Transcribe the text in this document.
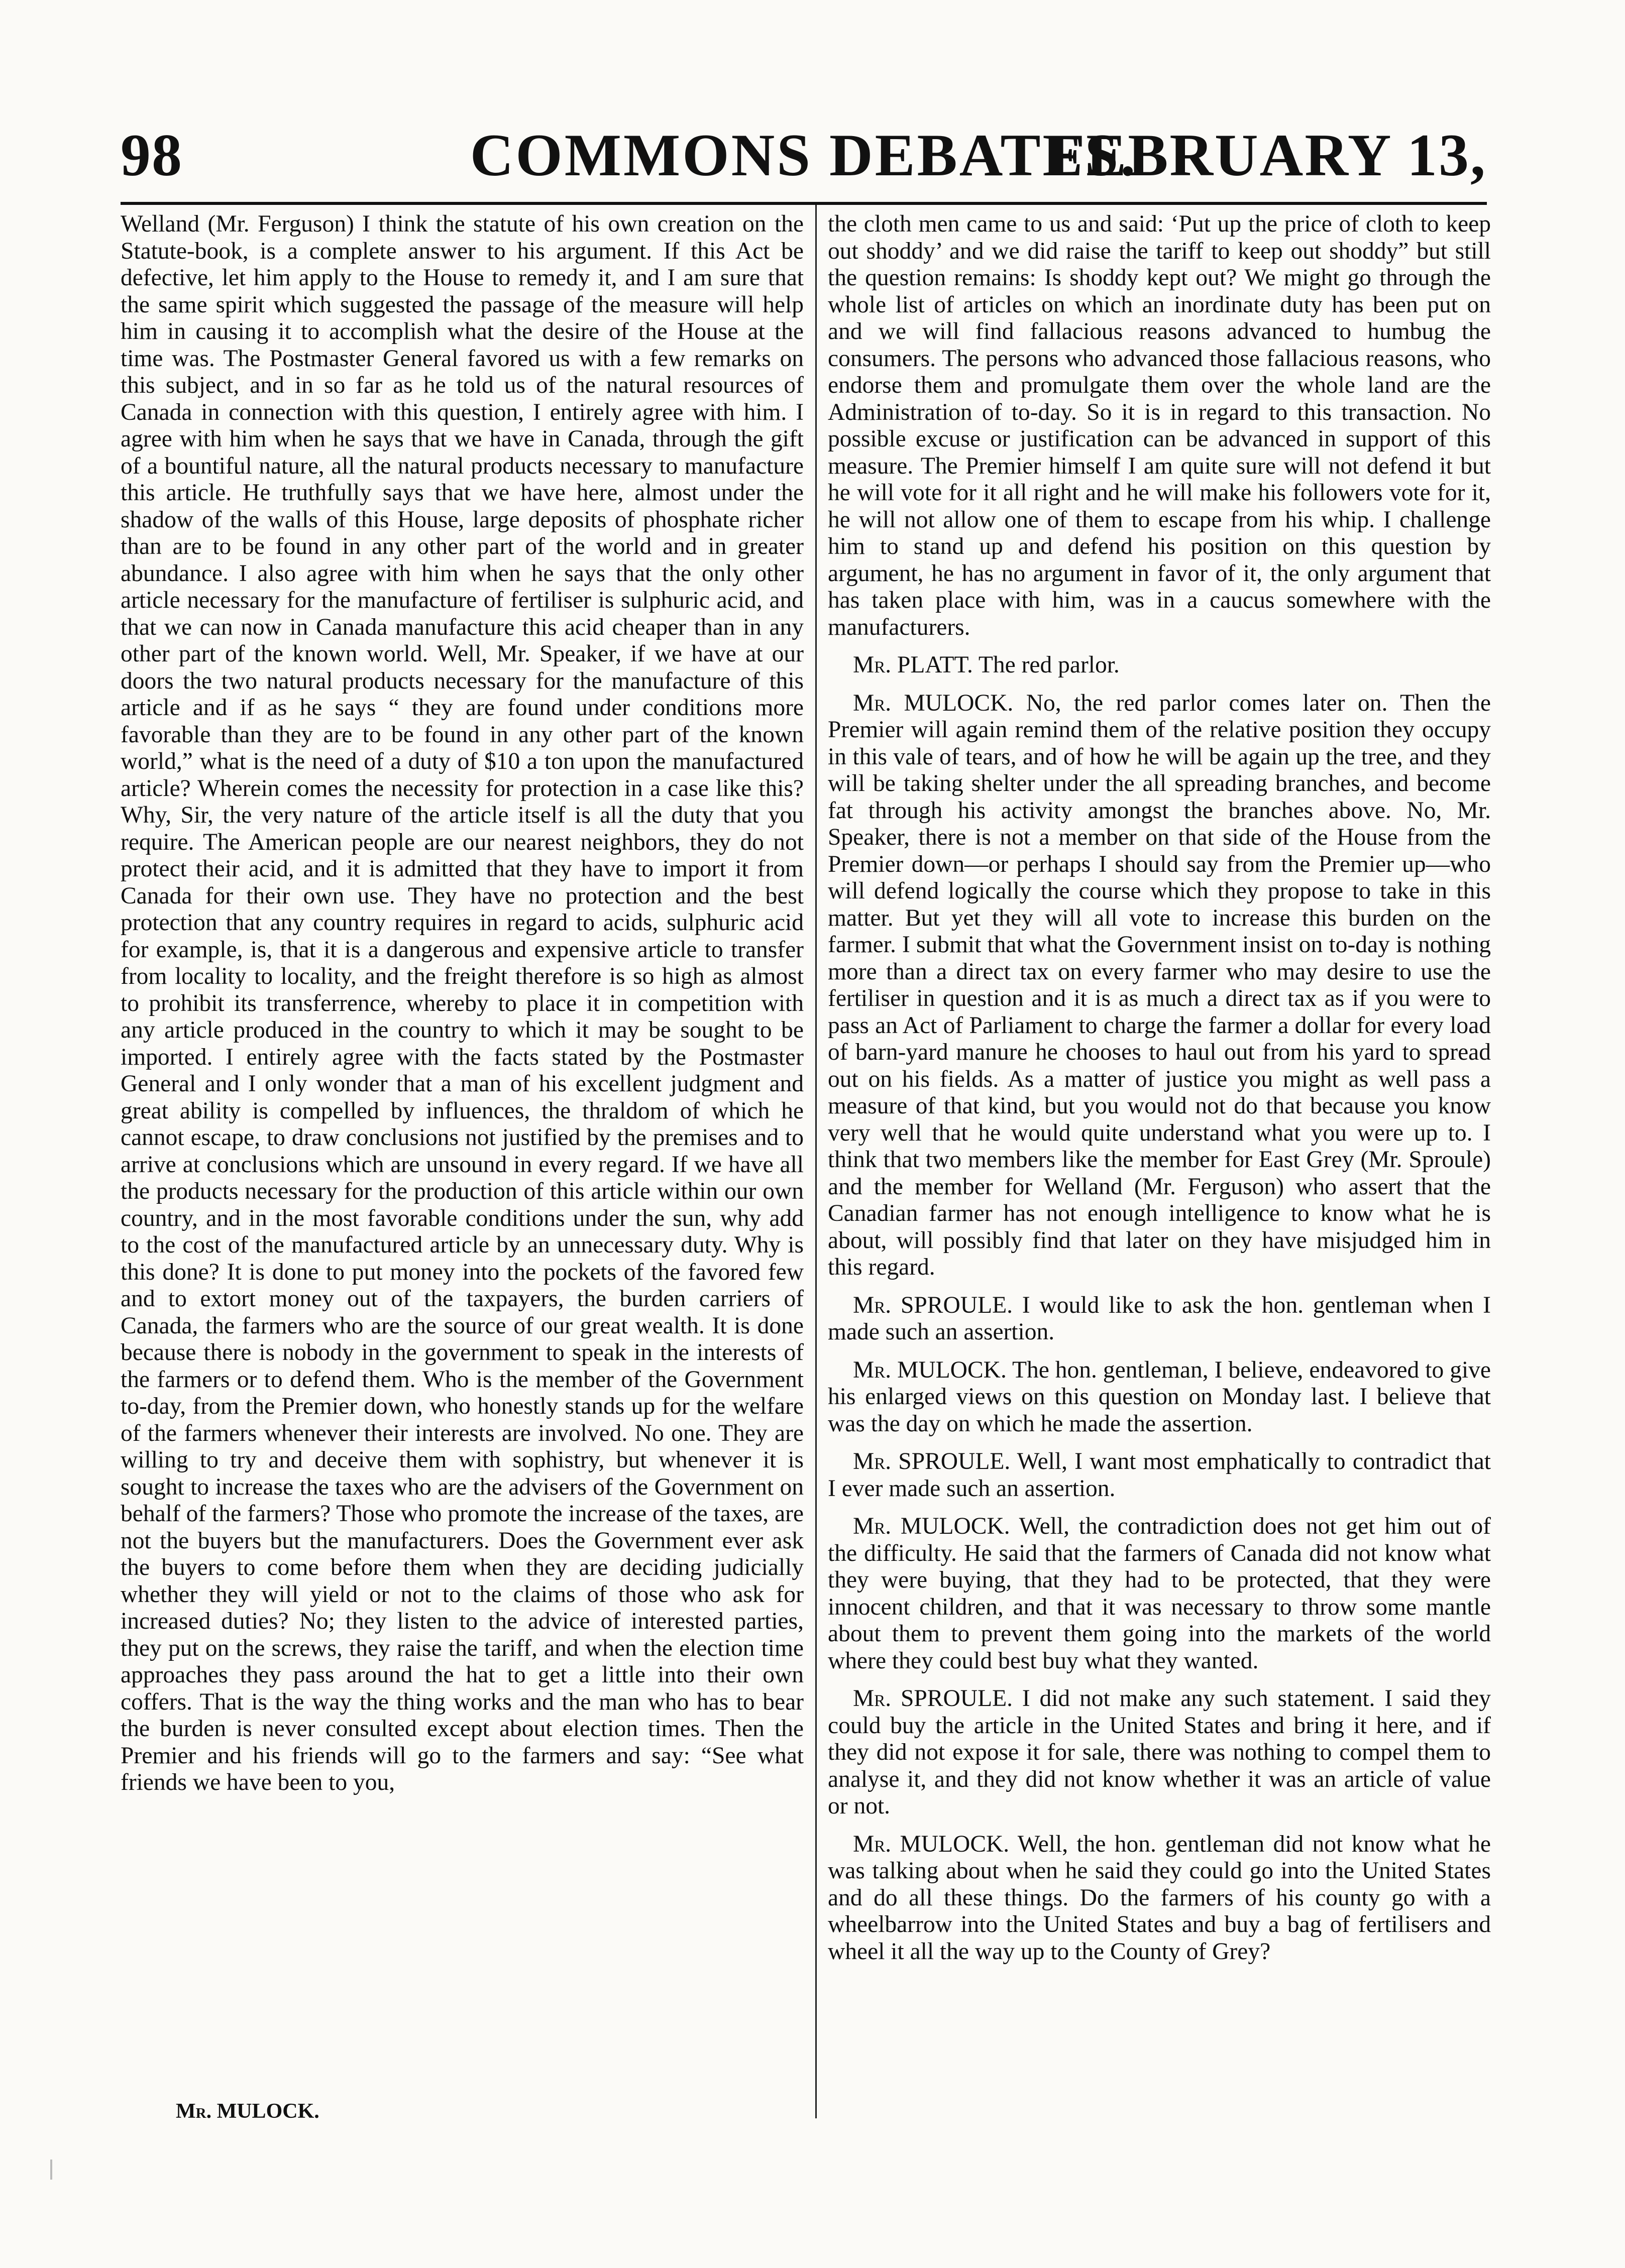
98	COMMONS DEBATES.
FEBRUARY 13,

Welland (Mr. Ferguson) I think the statute of his own creation on the Statute-book, is a complete answer to his argument. If this Act be defective, let him apply to the House to remedy it, and I am sure that the same spirit which suggested the passage of the measure will help him in causing it to accomplish what the desire of the House at the time was. The Postmaster General favored us with a few remarks on this subject, and in so far as he told us of the natural resources of Canada in connection with this question, I entirely agree with him. I agree with him when he says that we have in Canada, through the gift of a bountiful nature, all the natural products necessary to manufacture this article. He truthfully says that we have here, almost under the shadow of the walls of this House, large deposits of phosphate richer than are to be found in any other part of the world and in greater abundance. I also agree with him when he says that the only other article necessary for the manufacture of fertiliser is sulphuric acid, and that we can now in Canada manufacture this acid cheaper than in any other part of the known world. Well, Mr. Speaker, if we have at our doors the two natural products necessary for the manufacture of this article and if as he says “ they are found under conditions more favorable than they are to be found in any other part of the known world,” what is the need of a duty of $10 a ton upon the manufactured article? Wherein comes the necessity for protection in a case like this? Why, Sir, the very nature of the article itself is all the duty that you require. The American people are our nearest neighbors, they do not protect their acid, and it is admitted that they have to import it from Canada for their own use. They have no protection and the best protection that any country requires in regard to acids, sulphuric acid for example, is, that it is a dangerous and expensive article to transfer from locality to locality, and the freight therefore is so high as almost to prohibit its transferrence, whereby to place it in competition with any article produced in the country to which it may be sought to be imported. I entirely agree with the facts stated by the Postmaster General and I only wonder that a man of his excellent judgment and great ability is compelled by influences, the thraldom of which he cannot escape, to draw conclusions not justified by the premises and to arrive at conclusions which are unsound in every regard. If we have all the products necessary for the production of this article within our own country, and in the most favorable conditions under the sun, why add to the cost of the manufactured article by an unnecessary duty. Why is this done? It is done to put money into the pockets of the favored few and to extort money out of the taxpayers, the burden carriers of Canada, the farmers who are the source of our great wealth. It is done because there is nobody in the government to speak in the interests of the farmers or to defend them. Who is the member of the Government to-day, from the Premier down, who honestly stands up for the welfare of the farmers whenever their interests are involved. No one. They are willing to try and deceive them with sophistry, but whenever it is sought to increase the taxes who are the advisers of the Government on behalf of the farmers? Those who promote the increase of the taxes, are not the buyers but the manufacturers. Does the Government ever ask the buyers to come before them when they are deciding judicially whether they will yield or not to the claims of those who ask for increased duties? No; they listen to the advice of interested parties, they put on the screws, they raise the tariff, and when the election time approaches they pass around the hat to get a little into their own coffers. That is the way the thing works and the man who has to bear the burden is never consulted except about election times. Then the Premier and his friends will go to the farmers and say: “See what friends we have been to you,

the cloth men came to us and said: ‘Put up the price of cloth to keep out shoddy’ and we did raise the tariff to keep out shoddy” but still the question remains: Is shoddy kept out? We might go through the whole list of articles on which an inordinate duty has been put on and we will find fallacious reasons advanced to humbug the consumers. The persons who advanced those fallacious reasons, who endorse them and promulgate them over the whole land are the Administration of to-day. So it is in regard to this transaction. No possible excuse or justification can be advanced in support of this measure. The Premier himself I am quite sure will not defend it but he will vote for it all right and he will make his followers vote for it, he will not allow one of them to escape from his whip. I challenge him to stand up and defend his position on this question by argument, he has no argument in favor of it, the only argument that has taken place with him, was in a caucus somewhere with the manufacturers.

Mr. PLATT. The red parlor.

Mr. MULOCK. No, the red parlor comes later on. Then the Premier will again remind them of the relative position they occupy in this vale of tears, and of how he will be again up the tree, and they will be taking shelter under the all spreading branches, and become fat through his activity amongst the branches above. No, Mr. Speaker, there is not a member on that side of the House from the Premier down—or perhaps I should say from the Premier up—who will defend logically the course which they propose to take in this matter. But yet they will all vote to increase this burden on the farmer. I submit that what the Government insist on to-day is nothing more than a direct tax on every farmer who may desire to use the fertiliser in question and it is as much a direct tax as if you were to pass an Act of Parliament to charge the farmer a dollar for every load of barn-yard manure he chooses to haul out from his yard to spread out on his fields. As a matter of justice you might as well pass a measure of that kind, but you would not do that because you know very well that he would quite understand what you were up to. I think that two members like the member for East Grey (Mr. Sproule) and the member for Welland (Mr. Ferguson) who assert that the Canadian farmer has not enough intelligence to know what he is about, will possibly find that later on they have misjudged him in this regard.

Mr. SPROULE. I would like to ask the hon. gentleman when I made such an assertion.

Mr. MULOCK. The hon. gentleman, I believe, endeavored to give his enlarged views on this question on Monday last. I believe that was the day on which he made the assertion.

Mr. SPROULE. Well, I want most emphatically to contradict that I ever made such an assertion.

Mr. MULOCK. Well, the contradiction does not get him out of the difficulty. He said that the farmers of Canada did not know what they were buying, that they had to be protected, that they were innocent children, and that it was necessary to throw some mantle about them to prevent them going into the markets of the world where they could best buy what they wanted.

Mr. SPROULE. I did not make any such statement. I said they could buy the article in the United States and bring it here, and if they did not expose it for sale, there was nothing to compel them to analyse it, and they did not know whether it was an article of value or not.

Mr. MULOCK. Well, the hon. gentleman did not know what he was talking about when he said they could go into the United States and do all these things. Do the farmers of his county go with a wheelbarrow into the United States and buy a bag of fertilisers and wheel it all the way up to the County of Grey?

Mr. MULOCK.
